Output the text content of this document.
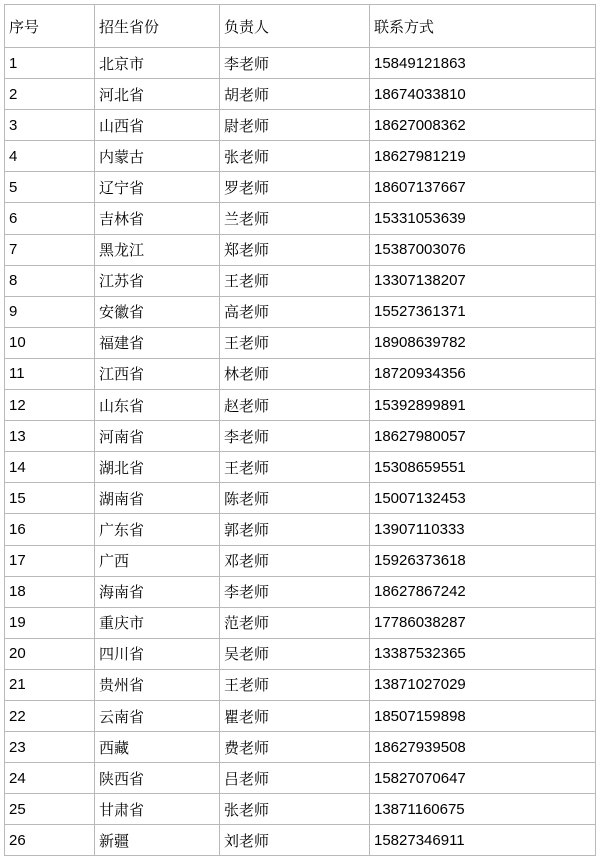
序号	招生省份	负责人	联系方式
1	北京市	李老师	15849121863
2	河北省	胡老师	18674033810
3	山西省	尉老师	18627008362
4	内蒙古	张老师	18627981219
5	辽宁省	罗老师	18607137667
6	吉林省	兰老师	15331053639
7	黑龙江	郑老师	15387003076
8	江苏省	王老师	13307138207
9	安徽省	高老师	15527361371
10	福建省	王老师	18908639782
11	江西省	林老师	18720934356
12	山东省	赵老师	15392899891
13	河南省	李老师	18627980057
14	湖北省	王老师	15308659551
15	湖南省	陈老师	15007132453
16	广东省	郭老师	13907110333
17	广西	邓老师	15926373618
18	海南省	李老师	18627867242
19	重庆市	范老师	17786038287
20	四川省	吴老师	13387532365
21	贵州省	王老师	13871027029
22	云南省	瞿老师	18507159898
23	西藏	费老师	18627939508
24	陕西省	吕老师	15827070647
25	甘肃省	张老师	13871160675
26	新疆	刘老师	15827346911
